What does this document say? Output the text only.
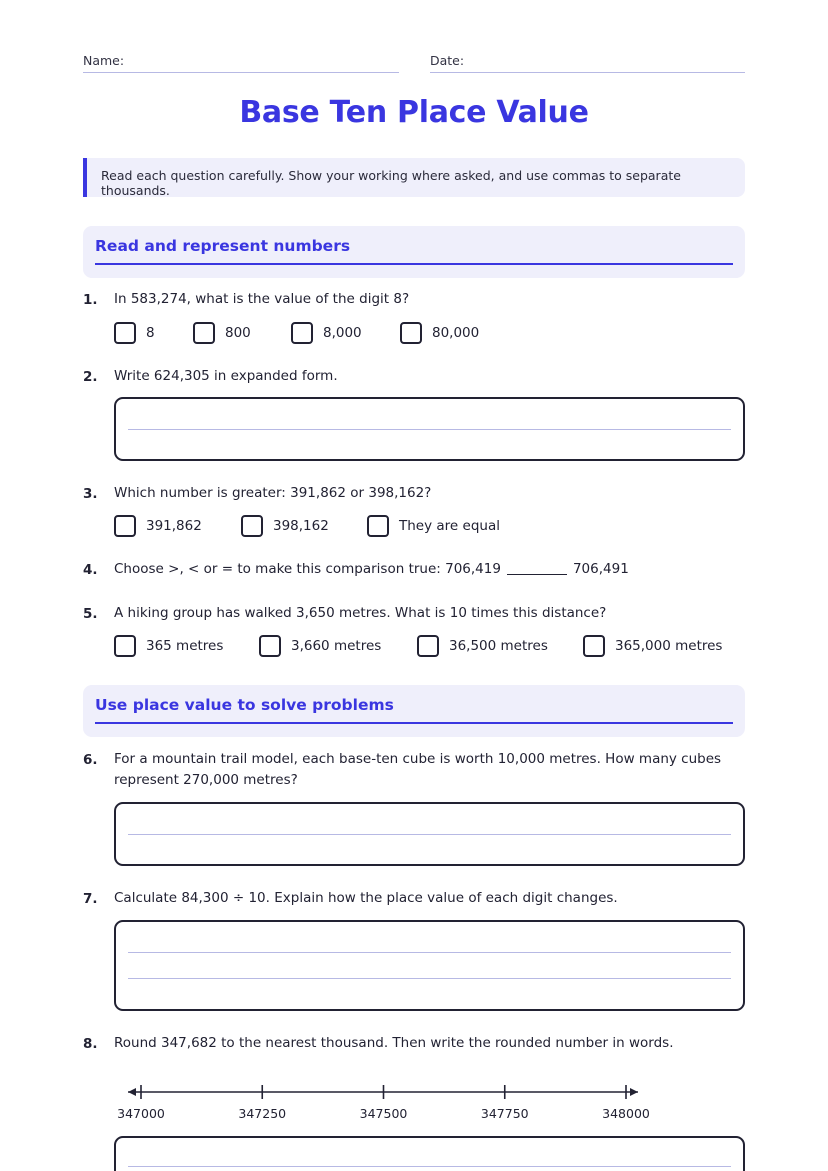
Name:	Date:
Base Ten Place Value
Read each question carefully. Show your working where asked, and use commas to separate thousands.
Read and represent numbers
1. In 583,274, what is the value of the digit 8?
8	800	8,000	80,000
2. Write 624,305 in expanded form.
3. Which number is greater: 391,862 or 398,162?
391,862	398,162	They are equal
4. Choose >, < or = to make this comparison true: 706,419	706,491
5. A hiking group has walked 3,650 metres. What is 10 times this distance?
365 metres	3,660 metres	36,500 metres	365,000 metres
Use place value to solve problems
6. For a mountain trail model, each base-ten cube is worth 10,000 metres. How many cubes
represent 270,000 metres?
7. Calculate 84,300 ÷ 10. Explain how the place value of each digit changes.
8. Round 347,682 to the nearest thousand. Then write the rounded number in words.
347000	347250	347500	347750	348000
